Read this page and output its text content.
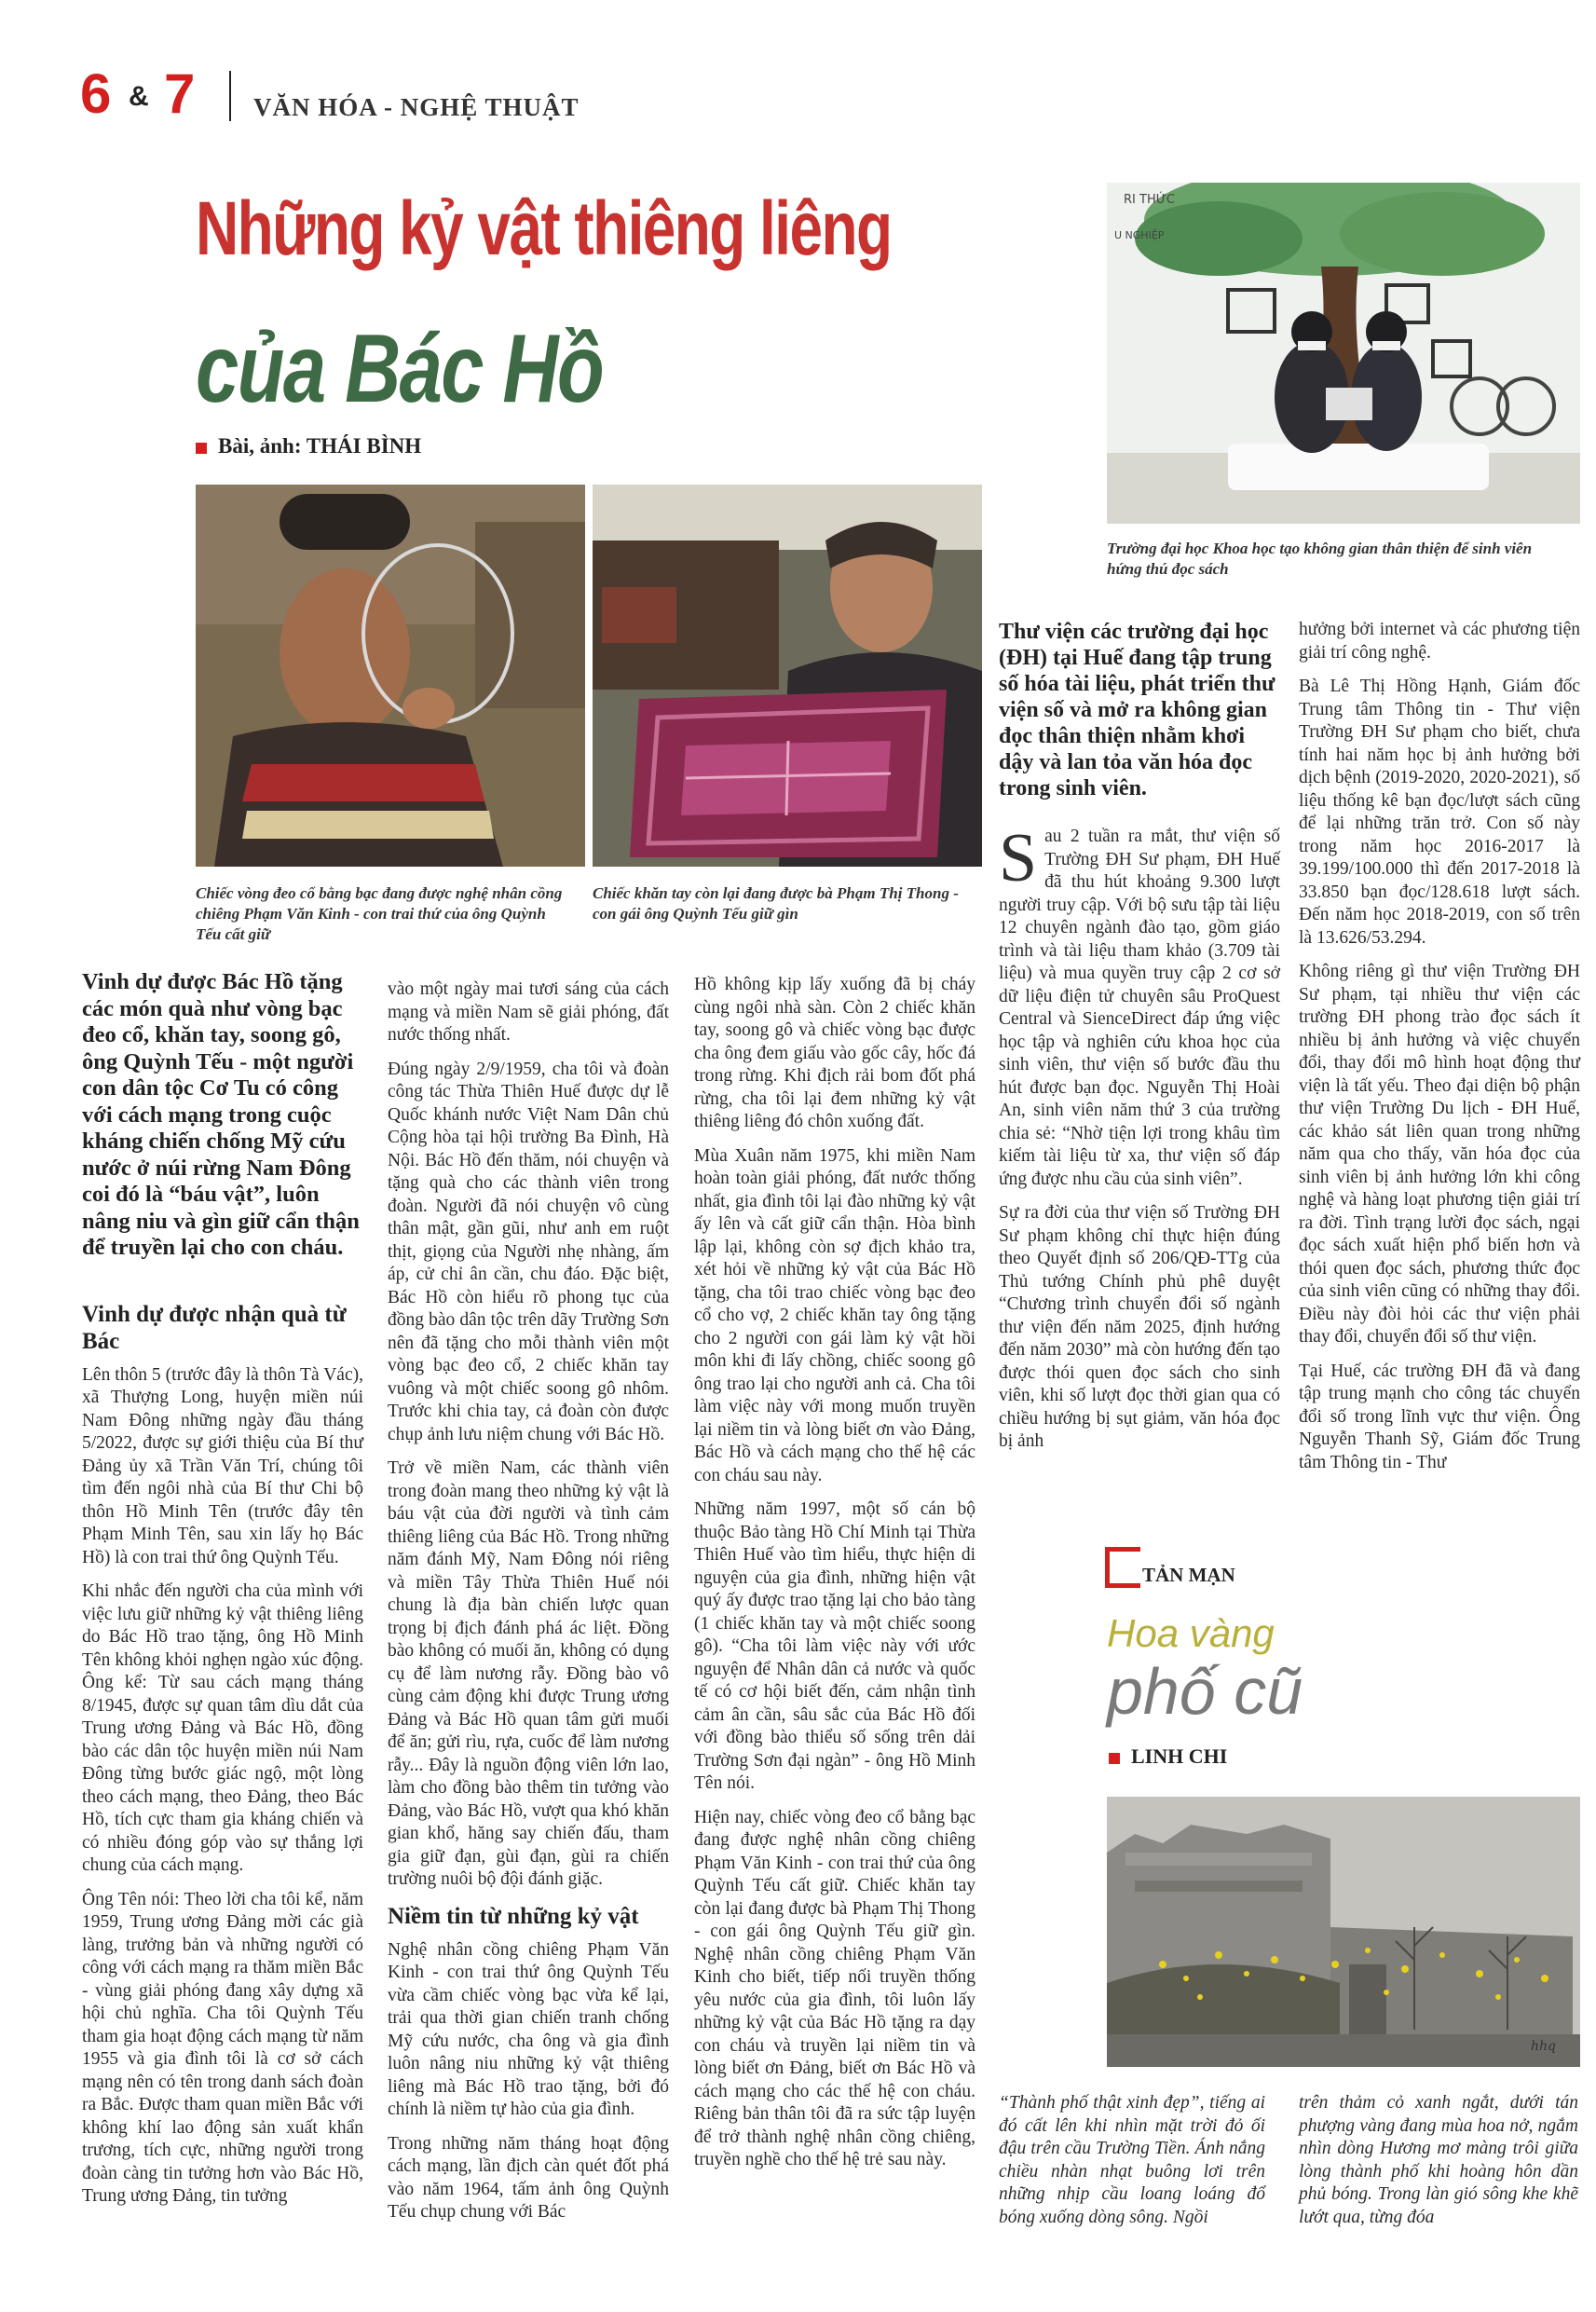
6 & 7 VĂN HÓA - NGHỆ THUẬT
Những kỷ vật thiêng liêng
của Bác Hồ
Bài, ảnh: THÁI BÌNH
Chiếc vòng đeo cổ bằng bạc đang được nghệ nhân cồng chiêng Phạm Văn Kinh - con trai thứ của ông Quỳnh Tếu cất giữ
Chiếc khăn tay còn lại đang được bà Phạm Thị Thong - con gái ông Quỳnh Tếu giữ gìn
Vinh dự được Bác Hồ tặng các món quà như vòng bạc đeo cổ, khăn tay, soong gô, ông Quỳnh Tếu - một người con dân tộc Cơ Tu có công với cách mạng trong cuộc kháng chiến chống Mỹ cứu nước ở núi rừng Nam Đông coi đó là “báu vật”, luôn nâng niu và gìn giữ cẩn thận để truyền lại cho con cháu.
Vinh dự được nhận quà từ Bác

Lên thôn 5 (trước đây là thôn Tà Vác), xã Thượng Long, huyện miền núi Nam Đông những ngày đầu tháng 5/2022, được sự giới thiệu của Bí thư Đảng ủy xã Trần Văn Trí, chúng tôi tìm đến ngôi nhà của Bí thư Chi bộ thôn Hồ Minh Tên (trước đây tên Phạm Minh Tên, sau xin lấy họ Bác Hồ) là con trai thứ ông Quỳnh Tếu.

Khi nhắc đến người cha của mình với việc lưu giữ những kỷ vật thiêng liêng do Bác Hồ trao tặng, ông Hồ Minh Tên không khỏi nghẹn ngào xúc động. Ông kể: Từ sau cách mạng tháng 8/1945, được sự quan tâm dìu dắt của Trung ương Đảng và Bác Hồ, đồng bào các dân tộc huyện miền núi Nam Đông từng bước giác ngộ, một lòng theo cách mạng, theo Đảng, theo Bác Hồ, tích cực tham gia kháng chiến và có nhiều đóng góp vào sự thắng lợi chung của cách mạng.

Ông Tên nói: Theo lời cha tôi kể, năm 1959, Trung ương Đảng mời các già làng, trưởng bản và những người có công với cách mạng ra thăm miền Bắc - vùng giải phóng đang xây dựng xã hội chủ nghĩa. Cha tôi Quỳnh Tếu tham gia hoạt động cách mạng từ năm 1955 và gia đình tôi là cơ sở cách mạng nên có tên trong danh sách đoàn ra Bắc. Được tham quan miền Bắc với không khí lao động sản xuất khẩn trương, tích cực, những người trong đoàn càng tin tưởng hơn vào Bác Hồ, Trung ương Đảng, tin tưởng

vào một ngày mai tươi sáng của cách mạng và miền Nam sẽ giải phóng, đất nước thống nhất.

Đúng ngày 2/9/1959, cha tôi và đoàn công tác Thừa Thiên Huế được dự lễ Quốc khánh nước Việt Nam Dân chủ Cộng hòa tại hội trường Ba Đình, Hà Nội. Bác Hồ đến thăm, nói chuyện và tặng quà cho các thành viên trong đoàn. Người đã nói chuyện vô cùng thân mật, gần gũi, như anh em ruột thịt, giọng của Người nhẹ nhàng, ấm áp, cử chỉ ân cần, chu đáo. Đặc biệt, Bác Hồ còn hiểu rõ phong tục của đồng bào dân tộc trên dãy Trường Sơn nên đã tặng cho mỗi thành viên một vòng bạc đeo cổ, 2 chiếc khăn tay vuông và một chiếc soong gô nhôm. Trước khi chia tay, cả đoàn còn được chụp ảnh lưu niệm chung với Bác Hồ.

Trở về miền Nam, các thành viên trong đoàn mang theo những kỷ vật là báu vật của đời người và tình cảm thiêng liêng của Bác Hồ. Trong những năm đánh Mỹ, Nam Đông nói riêng và miền Tây Thừa Thiên Huế nói chung là địa bàn chiến lược quan trọng bị địch đánh phá ác liệt. Đồng bào không có muối ăn, không có dụng cụ để làm nương rẫy. Đồng bào vô cùng cảm động khi được Trung ương Đảng và Bác Hồ quan tâm gửi muối để ăn; gửi rìu, rựa, cuốc để làm nương rẫy... Đây là nguồn động viên lớn lao, làm cho đồng bào thêm tin tưởng vào Đảng, vào Bác Hồ, vượt qua khó khăn gian khổ, hăng say chiến đấu, tham gia giữ đạn, gùi đạn, gùi ra chiến trường nuôi bộ đội đánh giặc.

Niềm tin từ những kỷ vật

Nghệ nhân cồng chiêng Phạm Văn Kinh - con trai thứ ông Quỳnh Tếu vừa cầm chiếc vòng bạc vừa kể lại, trải qua thời gian chiến tranh chống Mỹ cứu nước, cha ông và gia đình luôn nâng niu những kỷ vật thiêng liêng mà Bác Hồ trao tặng, bởi đó chính là niềm tự hào của gia đình.

Trong những năm tháng hoạt động cách mạng, lần địch càn quét đốt phá vào năm 1964, tấm ảnh ông Quỳnh Tếu chụp chung với Bác

Hồ không kịp lấy xuống đã bị cháy cùng ngôi nhà sàn. Còn 2 chiếc khăn tay, soong gô và chiếc vòng bạc được cha ông đem giấu vào gốc cây, hốc đá trong rừng. Khi địch rải bom đốt phá rừng, cha tôi lại đem những kỷ vật thiêng liêng đó chôn xuống đất.

Mùa Xuân năm 1975, khi miền Nam hoàn toàn giải phóng, đất nước thống nhất, gia đình tôi lại đào những kỷ vật ấy lên và cất giữ cẩn thận. Hòa bình lập lại, không còn sợ địch khảo tra, xét hỏi về những kỷ vật của Bác Hồ tặng, cha tôi trao chiếc vòng bạc đeo cổ cho vợ, 2 chiếc khăn tay ông tặng cho 2 người con gái làm kỷ vật hồi môn khi đi lấy chồng, chiếc soong gô ông trao lại cho người anh cả. Cha tôi làm việc này với mong muốn truyền lại niềm tin và lòng biết ơn vào Đảng, Bác Hồ và cách mạng cho thế hệ các con cháu sau này.

Những năm 1997, một số cán bộ thuộc Bảo tàng Hồ Chí Minh tại Thừa Thiên Huế vào tìm hiểu, thực hiện di nguyện của gia đình, những hiện vật quý ấy được trao tặng lại cho bảo tàng (1 chiếc khăn tay và một chiếc soong gô). “Cha tôi làm việc này với ước nguyện để Nhân dân cả nước và quốc tế có cơ hội biết đến, cảm nhận tình cảm ân cần, sâu sắc của Bác Hồ đối với đồng bào thiểu số sống trên dải Trường Sơn đại ngàn” - ông Hồ Minh Tên nói.

Hiện nay, chiếc vòng đeo cổ bằng bạc đang được nghệ nhân cồng chiêng Phạm Văn Kinh - con trai thứ của ông Quỳnh Tếu cất giữ. Chiếc khăn tay còn lại đang được bà Phạm Thị Thong - con gái ông Quỳnh Tếu giữ gìn. Nghệ nhân cồng chiêng Phạm Văn Kinh cho biết, tiếp nối truyền thống yêu nước của gia đình, tôi luôn lấy những kỷ vật của Bác Hồ tặng ra dạy con cháu và truyền lại niềm tin và lòng biết ơn Đảng, biết ơn Bác Hồ và cách mạng cho các thế hệ con cháu. Riêng bản thân tôi đã ra sức tập luyện để trở thành nghệ nhân cồng chiêng, truyền nghề cho thế hệ trẻ sau này.

RI THỨC
U NGHIỆP
Trường đại học Khoa học tạo không gian thân thiện để sinh viên hứng thú đọc sách
Thư viện các trường đại học (ĐH) tại Huế đang tập trung số hóa tài liệu, phát triển thư viện số và mở ra không gian đọc thân thiện nhằm khơi dậy và lan tỏa văn hóa đọc trong sinh viên.

Sau 2 tuần ra mắt, thư viện số Trường ĐH Sư phạm, ĐH Huế đã thu hút khoảng 9.300 lượt người truy cập. Với bộ sưu tập tài liệu 12 chuyên ngành đào tạo, gồm giáo trình và tài liệu tham khảo (3.709 tài liệu) và mua quyền truy cập 2 cơ sở dữ liệu điện tử chuyên sâu ProQuest Central và SienceDirect đáp ứng việc học tập và nghiên cứu khoa học của sinh viên, thư viện số bước đầu thu hút được bạn đọc. Nguyễn Thị Hoài An, sinh viên năm thứ 3 của trường chia sẻ: “Nhờ tiện lợi trong khâu tìm kiếm tài liệu từ xa, thư viện số đáp ứng được nhu cầu của sinh viên”.

Sự ra đời của thư viện số Trường ĐH Sư phạm không chỉ thực hiện đúng theo Quyết định số 206/QĐ-TTg của Thủ tướng Chính phủ phê duyệt “Chương trình chuyển đổi số ngành thư viện đến năm 2025, định hướng đến năm 2030” mà còn hướng đến tạo được thói quen đọc sách cho sinh viên, khi số lượt đọc thời gian qua có chiều hướng bị sụt giảm, văn hóa đọc bị ảnh

hưởng bởi internet và các phương tiện giải trí công nghệ.

Bà Lê Thị Hồng Hạnh, Giám đốc Trung tâm Thông tin - Thư viện Trường ĐH Sư phạm cho biết, chưa tính hai năm học bị ảnh hưởng bởi dịch bệnh (2019-2020, 2020-2021), số liệu thống kê bạn đọc/lượt sách cũng để lại những trăn trở. Con số này trong năm học 2016-2017 là 39.199/100.000 thì đến 2017-2018 là 33.850 bạn đọc/128.618 lượt sách. Đến năm học 2018-2019, con số trên là 13.626/53.294.

Không riêng gì thư viện Trường ĐH Sư phạm, tại nhiều thư viện các trường ĐH phong trào đọc sách ít nhiều bị ảnh hưởng và việc chuyển đổi, thay đổi mô hình hoạt động thư viện là tất yếu. Theo đại diện bộ phận thư viện Trường Du lịch - ĐH Huế, các khảo sát liên quan trong những năm qua cho thấy, văn hóa đọc của sinh viên bị ảnh hưởng lớn khi công nghệ và hàng loạt phương tiện giải trí ra đời. Tình trạng lười đọc sách, ngại đọc sách xuất hiện phổ biến hơn và thói quen đọc sách, phương thức đọc của sinh viên cũng có những thay đổi. Điều này đòi hỏi các thư viện phải thay đổi, chuyển đổi số thư viện.

Tại Huế, các trường ĐH đã và đang tập trung mạnh cho công tác chuyển đổi số trong lĩnh vực thư viện. Ông Nguyễn Thanh Sỹ, Giám đốc Trung tâm Thông tin - Thư

TẢN MẠN
Hoa vàng
phố cũ
LINH CHI
hhq
“Thành phố thật xinh đẹp”, tiếng ai đó cất lên khi nhìn mặt trời đỏ ối đậu trên cầu Trường Tiền. Ánh nắng chiều nhàn nhạt buông lơi trên những nhịp cầu loang loáng đổ bóng xuống dòng sông. Ngồi
trên thảm cỏ xanh ngắt, dưới tán phượng vàng đang mùa hoa nở, ngắm nhìn dòng Hương mơ màng trôi giữa lòng thành phố khi hoàng hôn dần phủ bóng. Trong làn gió sông khe khẽ lướt qua, từng đóa
